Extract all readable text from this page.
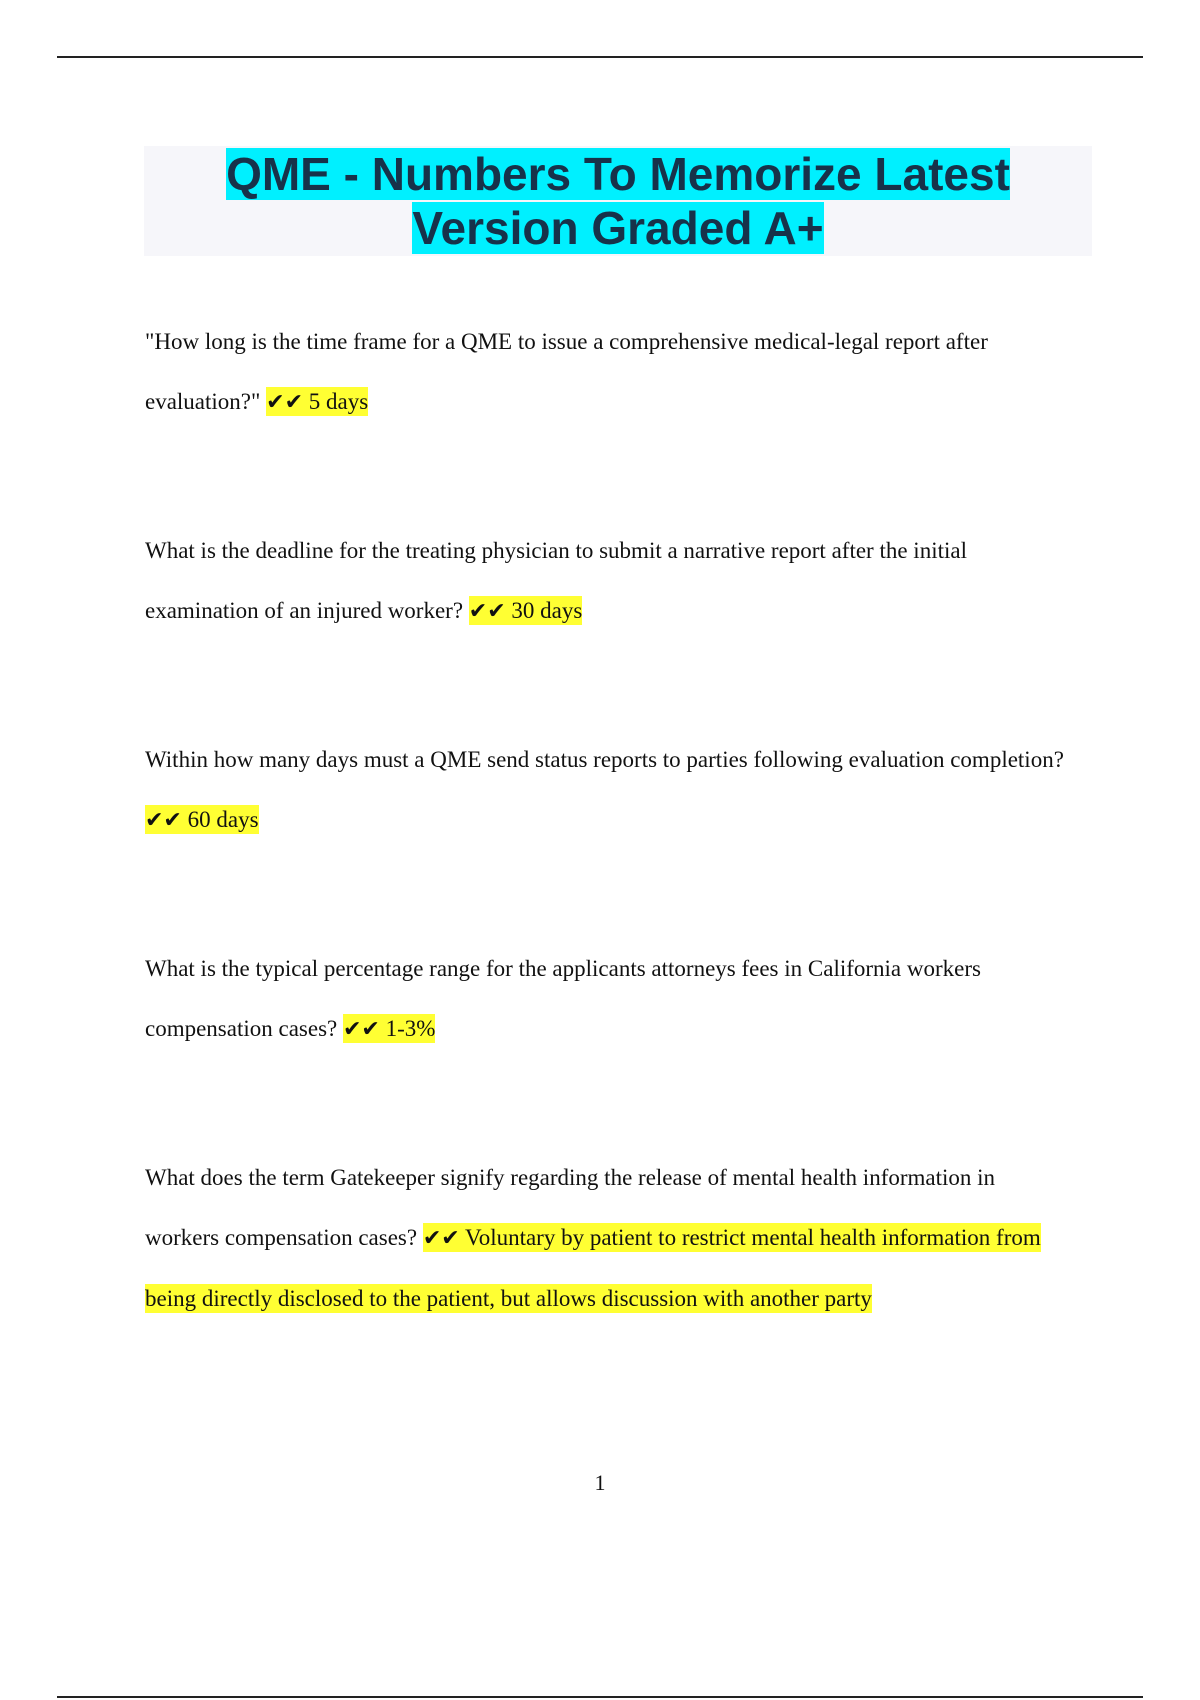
QME - Numbers To Memorize Latest Version Graded A+

"How long is the time frame for a QME to issue a comprehensive medical-legal report after evaluation?" ✔✔ 5 days

What is the deadline for the treating physician to submit a narrative report after the initial examination of an injured worker? ✔✔ 30 days

Within how many days must a QME send status reports to parties following evaluation completion? ✔✔ 60 days

What is the typical percentage range for the applicants attorneys fees in California workers compensation cases? ✔✔ 1-3%

What does the term Gatekeeper signify regarding the release of mental health information in workers compensation cases? ✔✔ Voluntary by patient to restrict mental health information from being directly disclosed to the patient, but allows discussion with another party

1
